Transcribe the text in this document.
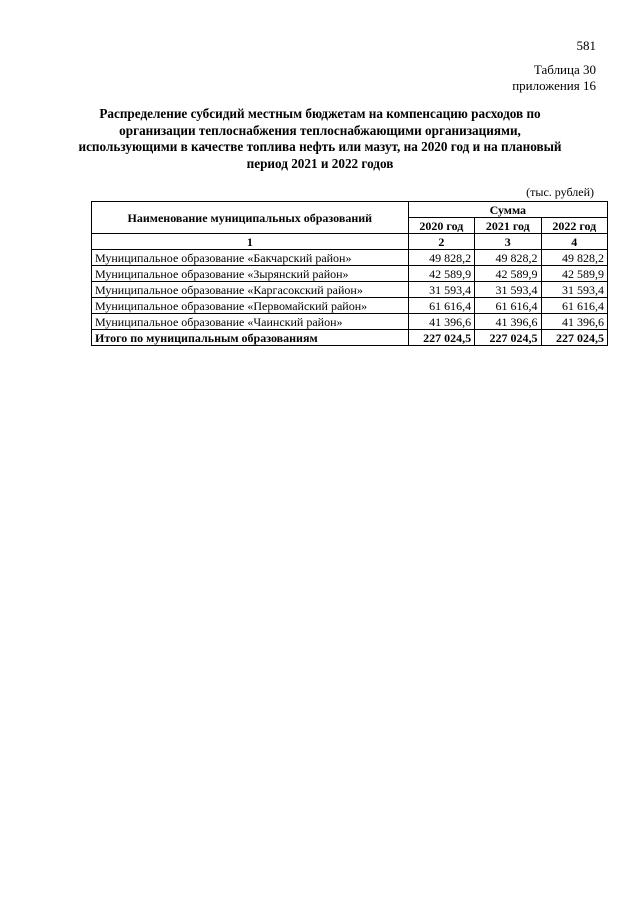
581
Таблица 30
приложения 16
Распределение субсидий местным бюджетам на компенсацию расходов по организации теплоснабжения теплоснабжающими организациями, использующими в качестве топлива нефть или мазут, на 2020 год и на плановый период 2021 и 2022 годов
(тыс. рублей)
Наименование муниципальных образований	Сумма		
	2020 год	2021 год	2022 год
1	2	3	4
Муниципальное образование «Бакчарский район»	49 828,2	49 828,2	49 828,2
Муниципальное образование «Зырянский район»	42 589,9	42 589,9	42 589,9
Муниципальное образование «Каргасокский район»	31 593,4	31 593,4	31 593,4
Муниципальное образование «Первомайский район»	61 616,4	61 616,4	61 616,4
Муниципальное образование «Чаинский район»	41 396,6	41 396,6	41 396,6
Итого по муниципальным образованиям	227 024,5	227 024,5	227 024,5
